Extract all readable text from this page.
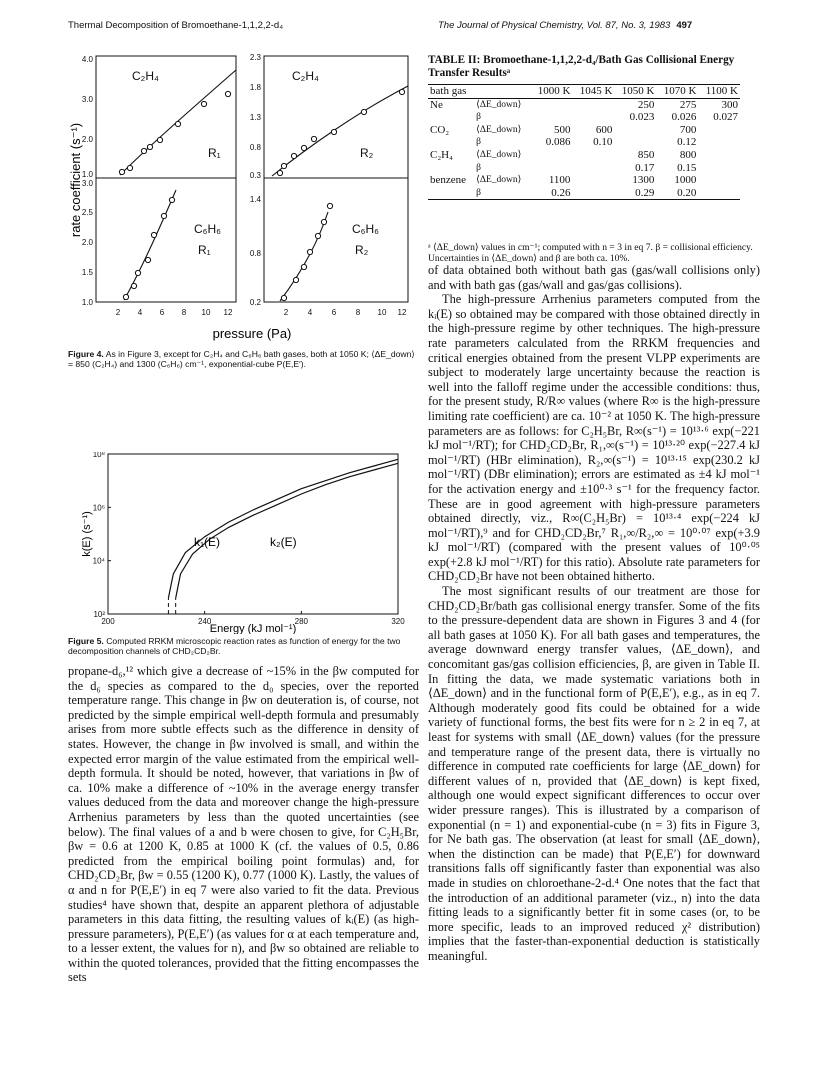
Thermal Decomposition of Bromoethane-1,1,2,2-d₄	The Journal of Physical Chemistry, Vol. 87, No. 3, 1983 497
4.0
3.0
2.0
1.0
3.0
2.5
2.0
1.5
1.0
2.3
1.8
1.3
0.8
0.3
1.4
0.8
0.2
2 4 6 8 10 12	2 4 6 8 10 12
C₂H₄
R₁
C₂H₄
R₂
C₆H₆
R₁
C₆H₆
R₂
rate coefficient (s⁻¹)
pressure (Pa)
Figure 4. As in Figure 3, except for C₂H₄ and C₆H₆ bath gases, both at 1050 K; ⟨ΔE_down⟩ = 850 (C₂H₄) and 1300 (C₆H₆) cm⁻¹, exponential-cube P(E,E′).
200	240	280	320
10⁸
10⁶
10⁴
10²
k₁(E)	k₂(E)
k(E) (s⁻¹)
Energy (kJ mol⁻¹)
Figure 5. Computed RRKM microscopic reaction rates as function of energy for the two decomposition channels of CHD₂CD₂Br.

propane-d₆,¹² which give a decrease of ~15% in the βw computed for the d₆ species as compared to the d₀ species, over the reported temperature range. This change in βw on deuteration is, of course, not predicted by the simple empirical well-depth formula and presumably arises from more subtle effects such as the difference in density of states. However, the change in βw involved is small, and within the expected error margin of the value estimated from the empirical well-depth formula. It should be noted, however, that variations in βw of ca. 10% make a difference of ~10% in the average energy transfer values deduced from the data and moreover change the high-pressure Arrhenius parameters by less than the quoted uncertainties (see below). The final values of a and b were chosen to give, for C₂H₅Br, βw = 0.6 at 1200 K, 0.85 at 1000 K (cf. the values of 0.5, 0.86 predicted from the empirical boiling point formulas) and, for CHD₂CD₂Br, βw = 0.55 (1200 K), 0.77 (1000 K). Lastly, the values of α and n for P(E,E′) in eq 7 were also varied to fit the data. Previous studies⁴ have shown that, despite an apparent plethora of adjustable parameters in this data fitting, the resulting values of kᵢ(E) (as high-pressure parameters), P(E,E′) (as values for α at each temperature and, to a lesser extent, the values for n), and βw so obtained are reliable to within the quoted tolerances, provided that the fitting encompasses the sets

TABLE II: Bromoethane-1,1,2,2-d₄/Bath Gas Collisional Energy Transfer Resultsᵃ
bath gas		1000 K	1045 K	1050 K	1070 K	1100 K
Ne	⟨ΔE_down⟩			250	275	300
	β			0.023	0.026	0.027
CO₂	⟨ΔE_down⟩	500	600		700	
	β	0.086	0.10		0.12	
C₂H₄	⟨ΔE_down⟩			850	800	
	β			0.17	0.15	
benzene	⟨ΔE_down⟩	1100		1300	1000	
	β	0.26		0.29	0.20	
ᵃ ⟨ΔE_down⟩ values in cm⁻¹; computed with n = 3 in eq 7. β = collisional efficiency. Uncertainties in ⟨ΔE_down⟩ and β are both ca. 10%.

of data obtained both without bath gas (gas/wall collisions only) and with bath gas (gas/wall and gas/gas collisions).

The high-pressure Arrhenius parameters computed from the kᵢ(E) so obtained may be compared with those obtained directly in the high-pressure regime by other techniques. The high-pressure rate parameters calculated from the RRKM frequencies and critical energies obtained from the present VLPP experiments are subject to moderately large uncertainty because the reaction is well into the falloff regime under the accessible conditions: thus, for the present study, R/R∞ values (where R∞ is the high-pressure limiting rate coefficient) are ca. 10⁻² at 1050 K. The high-pressure parameters are as follows: for C₂H₅Br, R∞(s⁻¹) = 10¹³·⁶ exp(−221 kJ mol⁻¹/RT); for CHD₂CD₂Br, R₁,∞(s⁻¹) = 10¹³·²⁰ exp(−227.4 kJ mol⁻¹/RT) (HBr elimination), R₂,∞(s⁻¹) = 10¹³·¹⁵ exp(230.2 kJ mol⁻¹/RT) (DBr elimination); errors are estimated as ±4 kJ mol⁻¹ for the activation energy and ±10⁰·³ s⁻¹ for the frequency factor. These are in good agreement with high-pressure parameters obtained directly, viz., R∞(C₂H₅Br) = 10¹³·⁴ exp(−224 kJ mol⁻¹/RT),⁹ and for CHD₂CD₂Br,⁷ R₁,∞/R₂,∞ = 10⁰·⁰⁷ exp(+3.9 kJ mol⁻¹/RT) (compared with the present values of 10⁰·⁰⁵ exp(+2.8 kJ mol⁻¹/RT) for this ratio). Absolute rate parameters for CHD₂CD₂Br have not been obtained hitherto.

The most significant results of our treatment are those for CHD₂CD₂Br/bath gas collisional energy transfer. Some of the fits to the pressure-dependent data are shown in Figures 3 and 4 (for all bath gases at 1050 K). For all bath gases and temperatures, the average downward energy transfer values, ⟨ΔE_down⟩, and concomitant gas/gas collision efficiencies, β, are given in Table II. In fitting the data, we made systematic variations both in ⟨ΔE_down⟩ and in the functional form of P(E,E′), e.g., as in eq 7. Although moderately good fits could be obtained for a wide variety of functional forms, the best fits were for n ≥ 2 in eq 7, at least for systems with small ⟨ΔE_down⟩ values (for the pressure and temperature range of the present data, there is virtually no difference in computed rate coefficients for large ⟨ΔE_down⟩ for different values of n, provided that ⟨ΔE_down⟩ is kept fixed, although one would expect significant differences to occur over wider pressure ranges). This is illustrated by a comparison of exponential (n = 1) and exponential-cube (n = 3) fits in Figure 3, for Ne bath gas. The observation (at least for small ⟨ΔE_down⟩, when the distinction can be made) that P(E,E′) for downward transitions falls off significantly faster than exponential was also made in studies on chloroethane-2-d.⁴ One notes that the fact that the introduction of an additional parameter (viz., n) into the data fitting leads to a significantly better fit in some cases (or, to be more specific, leads to an improved reduced χ² distribution) implies that the faster-than-exponential deduction is statistically meaningful.
